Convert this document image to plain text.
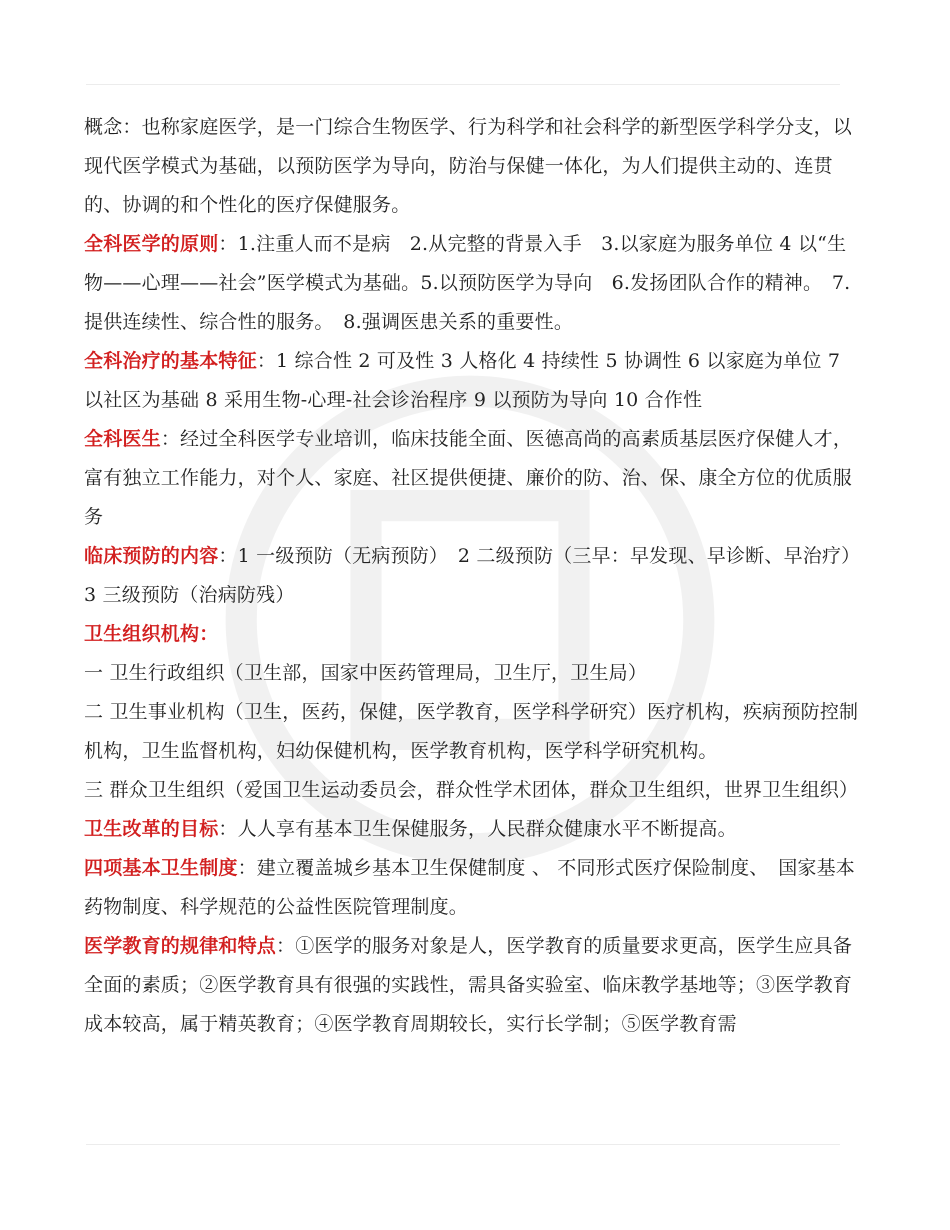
概念：也称家庭医学，是一门综合生物医学、行为科学和社会科学的新型医学科学分支，以现代医学模式为基础，以预防医学为导向，防治与保健一体化，为人们提供主动的、连贯的、协调的和个性化的医疗保健服务。

全科医学的原则：1.注重人而不是病　2.从完整的背景入手　3.以家庭为服务单位 4 以“生物——心理——社会”医学模式为基础。5.以预防医学为导向　6.发扬团队合作的精神。　7.提供连续性、综合性的服务。　8.强调医患关系的重要性。

全科治疗的基本特征：1 综合性 2 可及性 3 人格化 4 持续性 5 协调性 6 以家庭为单位 7 以社区为基础 8 采用生物-心理-社会诊治程序 9 以预防为导向 10 合作性

全科医生：经过全科医学专业培训，临床技能全面、医德高尚的高素质基层医疗保健人才，富有独立工作能力，对个人、家庭、社区提供便捷、廉价的防、治、保、康全方位的优质服务

临床预防的内容：1 一级预防（无病预防）　2 二级预防（三早：早发现、早诊断、早治疗）　3 三级预防（治病防残）

卫生组织机构：

一 卫生行政组织（卫生部，国家中医药管理局，卫生厅，卫生局）

二 卫生事业机构（卫生，医药，保健，医学教育，医学科学研究）医疗机构，疾病预防控制机构，卫生监督机构，妇幼保健机构，医学教育机构，医学科学研究机构。

三 群众卫生组织（爱国卫生运动委员会，群众性学术团体，群众卫生组织，世界卫生组织）

卫生改革的目标：人人享有基本卫生保健服务，人民群众健康水平不断提高。

四项基本卫生制度：建立覆盖城乡基本卫生保健制度 、 不同形式医疗保险制度、　国家基本药物制度、科学规范的公益性医院管理制度。

医学教育的规律和特点：①医学的服务对象是人，医学教育的质量要求更高，医学生应具备全面的素质；②医学教育具有很强的实践性，需具备实验室、临床教学基地等；③医学教育成本较高，属于精英教育；④医学教育周期较长，实行长学制；⑤医学教育需
